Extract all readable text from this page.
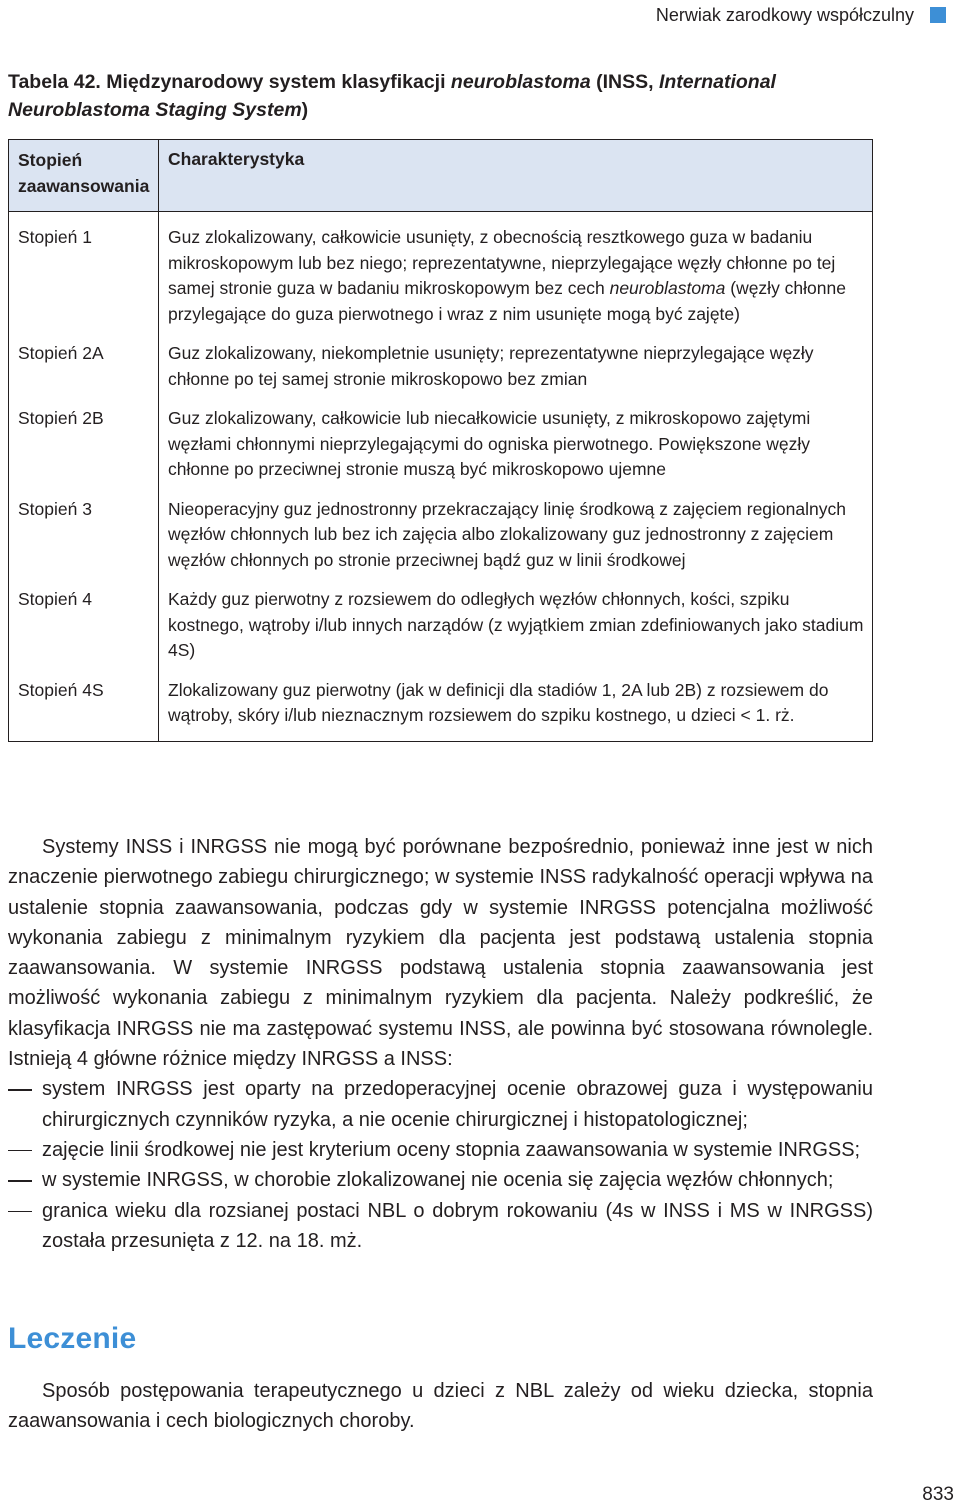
Nerwiak zarodkowy współczulny
Tabela 42. Międzynarodowy system klasyfikacji neuroblastoma (INSS, International Neuroblastoma Staging System)
Stopień zaawansowania	Charakterystyka
Stopień 1	Guz zlokalizowany, całkowicie usunięty, z obecnością resztkowego guza w badaniu mikroskopowym lub bez niego; reprezentatywne, nieprzylegające węzły chłonne po tej samej stronie guza w badaniu mikroskopowym bez cech neuroblastoma (węzły chłonne przylegające do guza pierwotnego i wraz z nim usunięte mogą być zajęte)
Stopień 2A	Guz zlokalizowany, niekompletnie usunięty; reprezentatywne nieprzylegające węzły chłonne po tej samej stronie mikroskopowo bez zmian
Stopień 2B	Guz zlokalizowany, całkowicie lub niecałkowicie usunięty, z mikroskopowo zajętymi węzłami chłonnymi nieprzylegającymi do ogniska pierwotnego. Powiększone węzły chłonne po przeciwnej stronie muszą być mikroskopowo ujemne
Stopień 3	Nieoperacyjny guz jednostronny przekraczający linię środkową z zajęciem regionalnych węzłów chłonnych lub bez ich zajęcia albo zlokalizowany guz jednostronny z zajęciem węzłów chłonnych po stronie przeciwnej bądź guz w linii środkowej
Stopień 4	Każdy guz pierwotny z rozsiewem do odległych węzłów chłonnych, kości, szpiku kostnego, wątroby i/lub innych narządów (z wyjątkiem zmian zdefiniowanych jako stadium 4S)
Stopień 4S	Zlokalizowany guz pierwotny (jak w definicji dla stadiów 1, 2A lub 2B) z rozsiewem do wątroby, skóry i/lub nieznacznym rozsiewem do szpiku kostnego, u dzieci < 1. rż.

Systemy INSS i INRGSS nie mogą być porównane bezpośrednio, ponieważ inne jest w nich znaczenie pierwotnego zabiegu chirurgicznego; w systemie INSS radykalność operacji wpływa na ustalenie stopnia zaawansowania, podczas gdy w systemie INRGSS potencjalna możliwość wykonania zabiegu z minimalnym ryzykiem dla pacjenta jest podstawą ustalenia stopnia zaawansowania. W systemie INRGSS podstawą ustalenia stopnia zaawansowania jest możliwość wykonania zabiegu z minimalnym ryzykiem dla pacjenta. Należy podkreślić, że klasyfikacja INRGSS nie ma zastępować systemu INSS, ale powinna być stosowana równolegle. Istnieją 4 główne różnice między INRGSS a INSS:

system INRGSS jest oparty na przedoperacyjnej ocenie obrazowej guza i występowaniu chirurgicznych czynników ryzyka, a nie ocenie chirurgicznej i histopatologicznej;
zajęcie linii środkowej nie jest kryterium oceny stopnia zaawansowania w systemie INRGSS;
w systemie INRGSS, w chorobie zlokalizowanej nie ocenia się zajęcia węzłów chłonnych;
granica wieku dla rozsianej postaci NBL o dobrym rokowaniu (4s w INSS i MS w INRGSS) została przesunięta z 12. na 18. mż.
Leczenie

Sposób postępowania terapeutycznego u dzieci z NBL zależy od wieku dziecka, stopnia zaawansowania i cech biologicznych choroby.

833
